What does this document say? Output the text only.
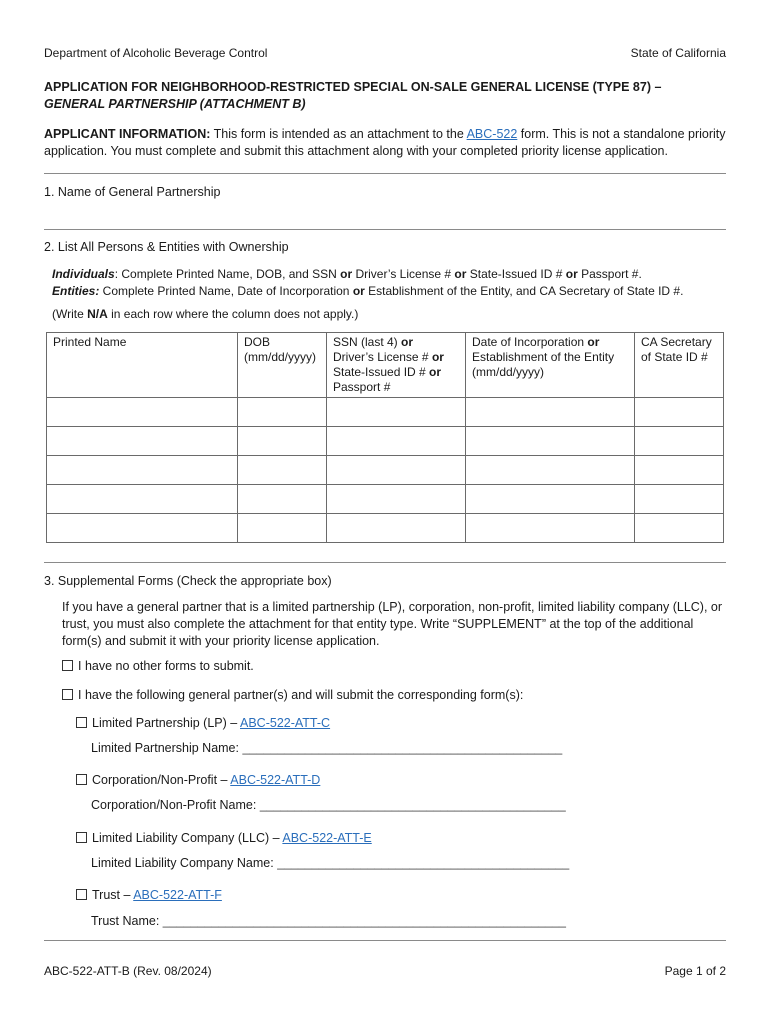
Department of Alcoholic Beverage Control	State of California
APPLICATION FOR NEIGHBORHOOD-RESTRICTED SPECIAL ON-SALE GENERAL LICENSE (TYPE 87) –
GENERAL PARTNERSHIP (ATTACHMENT B)
APPLICANT INFORMATION: This form is intended as an attachment to the ABC-522 form. This is not a standalone priority application. You must complete and submit this attachment along with your completed priority license application.
1. Name of General Partnership
2. List All Persons & Entities with Ownership
Individuals: Complete Printed Name, DOB, and SSN or Driver’s License # or State-Issued ID # or Passport #.
Entities: Complete Printed Name, Date of Incorporation or Establishment of the Entity, and CA Secretary of State ID #.
(Write N/A in each row where the column does not apply.)
Printed Name	DOB (mm/dd/yyyy)	SSN (last 4) or
Driver’s License # or
State-Issued ID # or
Passport #	Date of Incorporation or Establishment of the Entity (mm/dd/yyyy)	CA Secretary of State ID #

3. Supplemental Forms (Check the appropriate box)
If you have a general partner that is a limited partnership (LP), corporation, non-profit, limited liability company (LLC), or trust, you must also complete the attachment for that entity type. Write “SUPPLEMENT” at the top of the additional form(s) and submit it with your priority license application.
I have no other forms to submit.
I have the following general partner(s) and will submit the corresponding form(s):
Limited Partnership (LP) – ABC-522-ATT-C
Limited Partnership Name: ______________________________________________
Corporation/Non-Profit – ABC-522-ATT-D
Corporation/Non-Profit Name: ____________________________________________
Limited Liability Company (LLC) – ABC-522-ATT-E
Limited Liability Company Name: __________________________________________
Trust – ABC-522-ATT-F
Trust Name: __________________________________________________________
ABC-522-ATT-B (Rev. 08/2024)	Page 1 of 2
